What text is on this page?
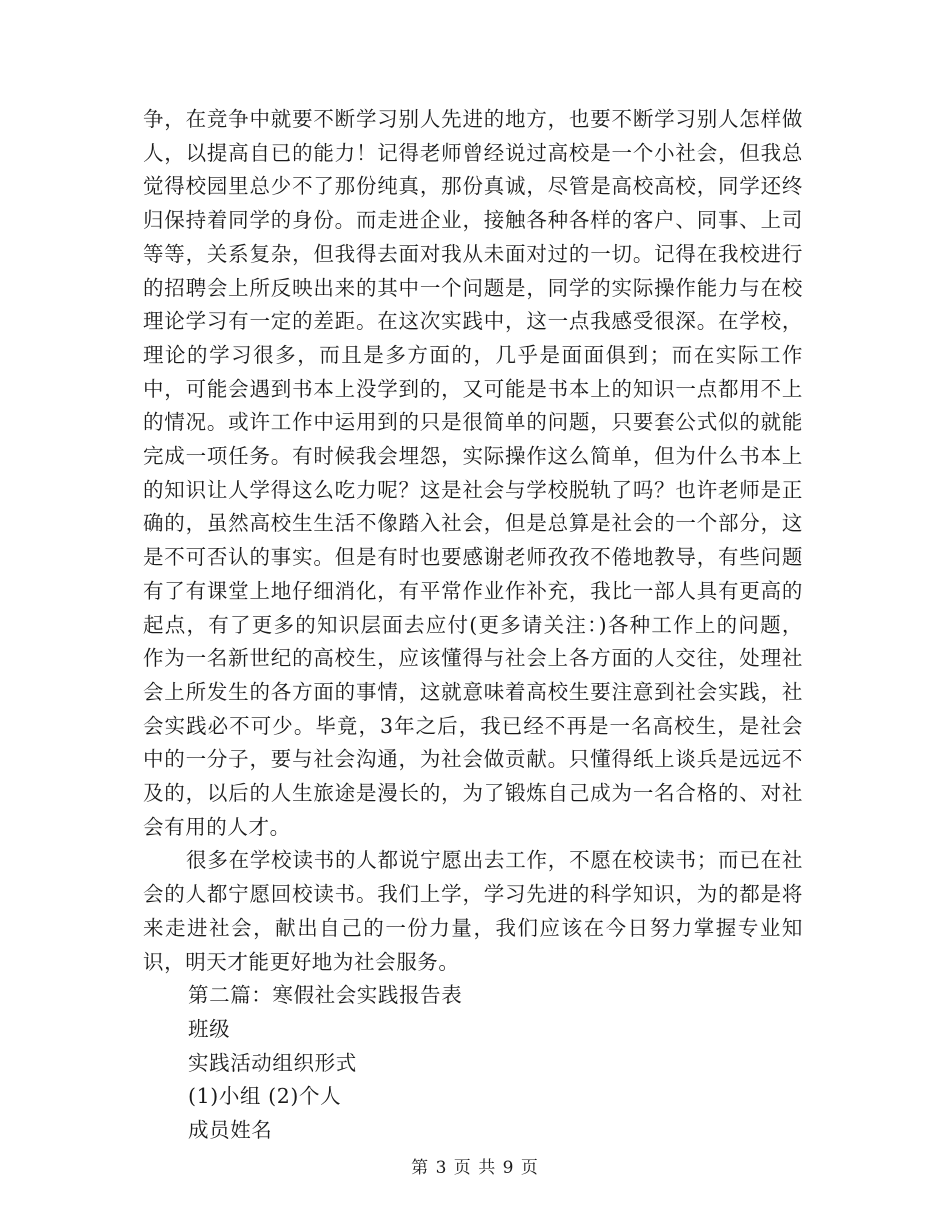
争，在竞争中就要不断学习别人先进的地方，也要不断学习别人怎样做人，以提高自已的能力！记得老师曾经说过高校是一个小社会，但我总觉得校园里总少不了那份纯真，那份真诚，尽管是高校高校，同学还终归保持着同学的身份。而走进企业，接触各种各样的客户、同事、上司等等，关系复杂，但我得去面对我从未面对过的一切。记得在我校进行的招聘会上所反映出来的其中一个问题是，同学的实际操作能力与在校理论学习有一定的差距。在这次实践中，这一点我感受很深。在学校，理论的学习很多，而且是多方面的，几乎是面面俱到；而在实际工作中，可能会遇到书本上没学到的，又可能是书本上的知识一点都用不上的情况。或许工作中运用到的只是很简单的问题，只要套公式似的就能完成一项任务。有时候我会埋怨，实际操作这么简单，但为什么书本上的知识让人学得这么吃力呢？这是社会与学校脱轨了吗？也许老师是正确的，虽然高校生生活不像踏入社会，但是总算是社会的一个部分，这是不可否认的事实。但是有时也要感谢老师孜孜不倦地教导，有些问题有了有课堂上地仔细消化，有平常作业作补充，我比一部人具有更高的起点，有了更多的知识层面去应付(更多请关注：)各种工作上的问题，作为一名新世纪的高校生，应该懂得与社会上各方面的人交往，处理社会上所发生的各方面的事情，这就意味着高校生要注意到社会实践，社会实践必不可少。毕竟，3年之后，我已经不再是一名高校生，是社会中的一分子，要与社会沟通，为社会做贡献。只懂得纸上谈兵是远远不及的，以后的人生旅途是漫长的，为了锻炼自己成为一名合格的、对社会有用的人才。

很多在学校读书的人都说宁愿出去工作，不愿在校读书；而已在社会的人都宁愿回校读书。我们上学，学习先进的科学知识，为的都是将来走进社会，献出自己的一份力量，我们应该在今日努力掌握专业知识，明天才能更好地为社会服务。

第二篇：寒假社会实践报告表

班级

实践活动组织形式

(1)小组 (2)个人

成员姓名

第 3 页 共 9 页
